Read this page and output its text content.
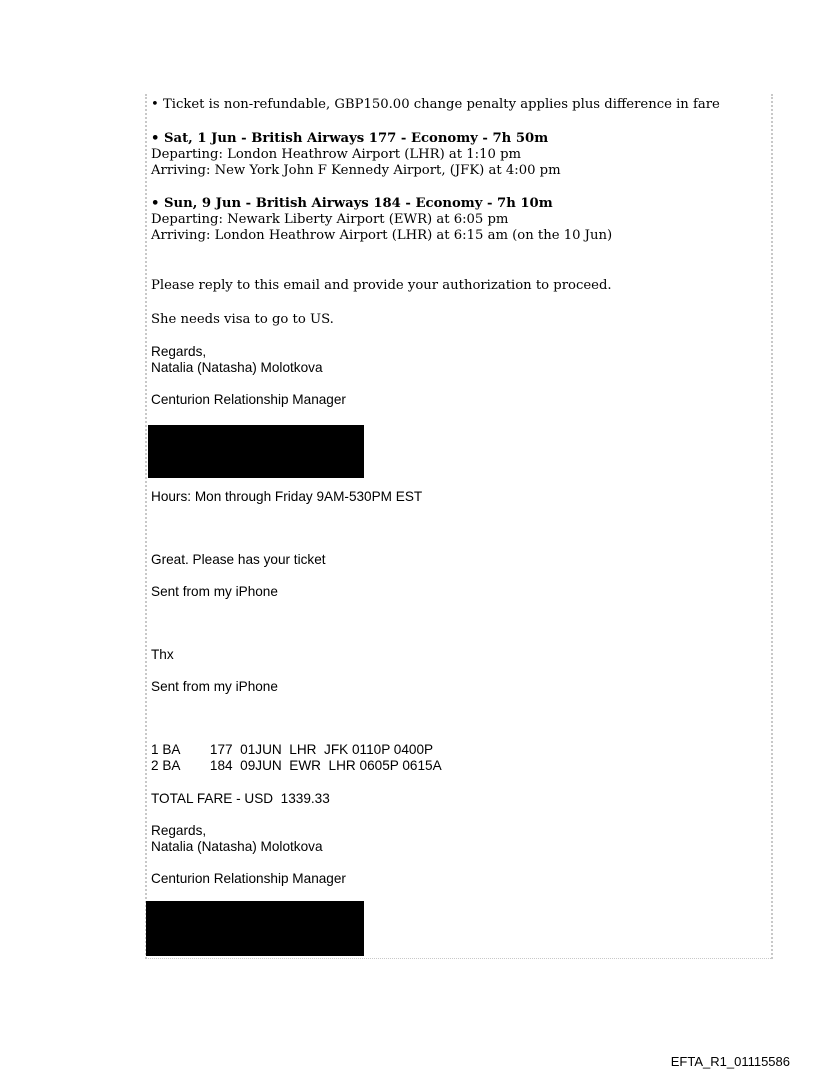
• Ticket is non-refundable, GBP150.00 change penalty applies plus difference in fare
• Sat, 1 Jun - British Airways 177 - Economy - 7h 50m
Departing: London Heathrow Airport (LHR) at 1:10 pm
Arriving: New York John F Kennedy Airport, (JFK) at 4:00 pm
• Sun, 9 Jun - British Airways 184 - Economy - 7h 10m
Departing: Newark Liberty Airport (EWR) at 6:05 pm
Arriving: London Heathrow Airport (LHR) at 6:15 am (on the 10 Jun)
Please reply to this email and provide your authorization to proceed.
She needs visa to go to US.
Regards,
Natalia (Natasha) Molotkova
Centurion Relationship Manager
Hours: Mon through Friday 9AM-530PM EST
Great. Please has your ticket
Sent from my iPhone
Thx
Sent from my iPhone
1 BA        177  01JUN  LHR  JFK 0110P 0400P
2 BA        184  09JUN  EWR  LHR 0605P 0615A
TOTAL FARE - USD  1339.33
Regards,
Natalia (Natasha) Molotkova
Centurion Relationship Manager
EFTA_R1_01115586
